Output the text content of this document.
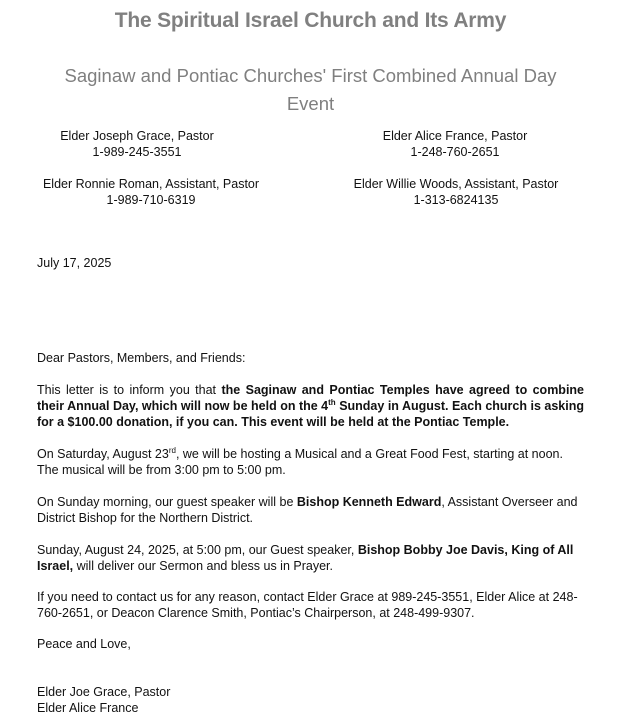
The Spiritual Israel Church and Its Army
Saginaw and Pontiac Churches' First Combined Annual Day Event
Elder Joseph Grace, Pastor
1-989-245-3551
Elder Alice France, Pastor
1-248-760-2651
Elder Ronnie Roman, Assistant, Pastor
1-989-710-6319
Elder Willie Woods, Assistant, Pastor
1-313-6824135
July 17, 2025
Dear Pastors, Members, and Friends:
This letter is to inform you that the Saginaw and Pontiac Temples have agreed to combine their Annual Day, which will now be held on the 4th Sunday in August. Each church is asking for a $100.00 donation, if you can. This event will be held at the Pontiac Temple.
On Saturday, August 23rd, we will be hosting a Musical and a Great Food Fest, starting at noon. The musical will be from 3:00 pm to 5:00 pm.
On Sunday morning, our guest speaker will be Bishop Kenneth Edward, Assistant Overseer and District Bishop for the Northern District.
Sunday, August 24, 2025, at 5:00 pm, our Guest speaker, Bishop Bobby Joe Davis, King of All Israel, will deliver our Sermon and bless us in Prayer.
If you need to contact us for any reason, contact Elder Grace at 989-245-3551, Elder Alice at 248-760-2651, or Deacon Clarence Smith, Pontiac’s Chairperson, at 248-499-9307.
Peace and Love,
Elder Joe Grace, Pastor
Elder Alice France
